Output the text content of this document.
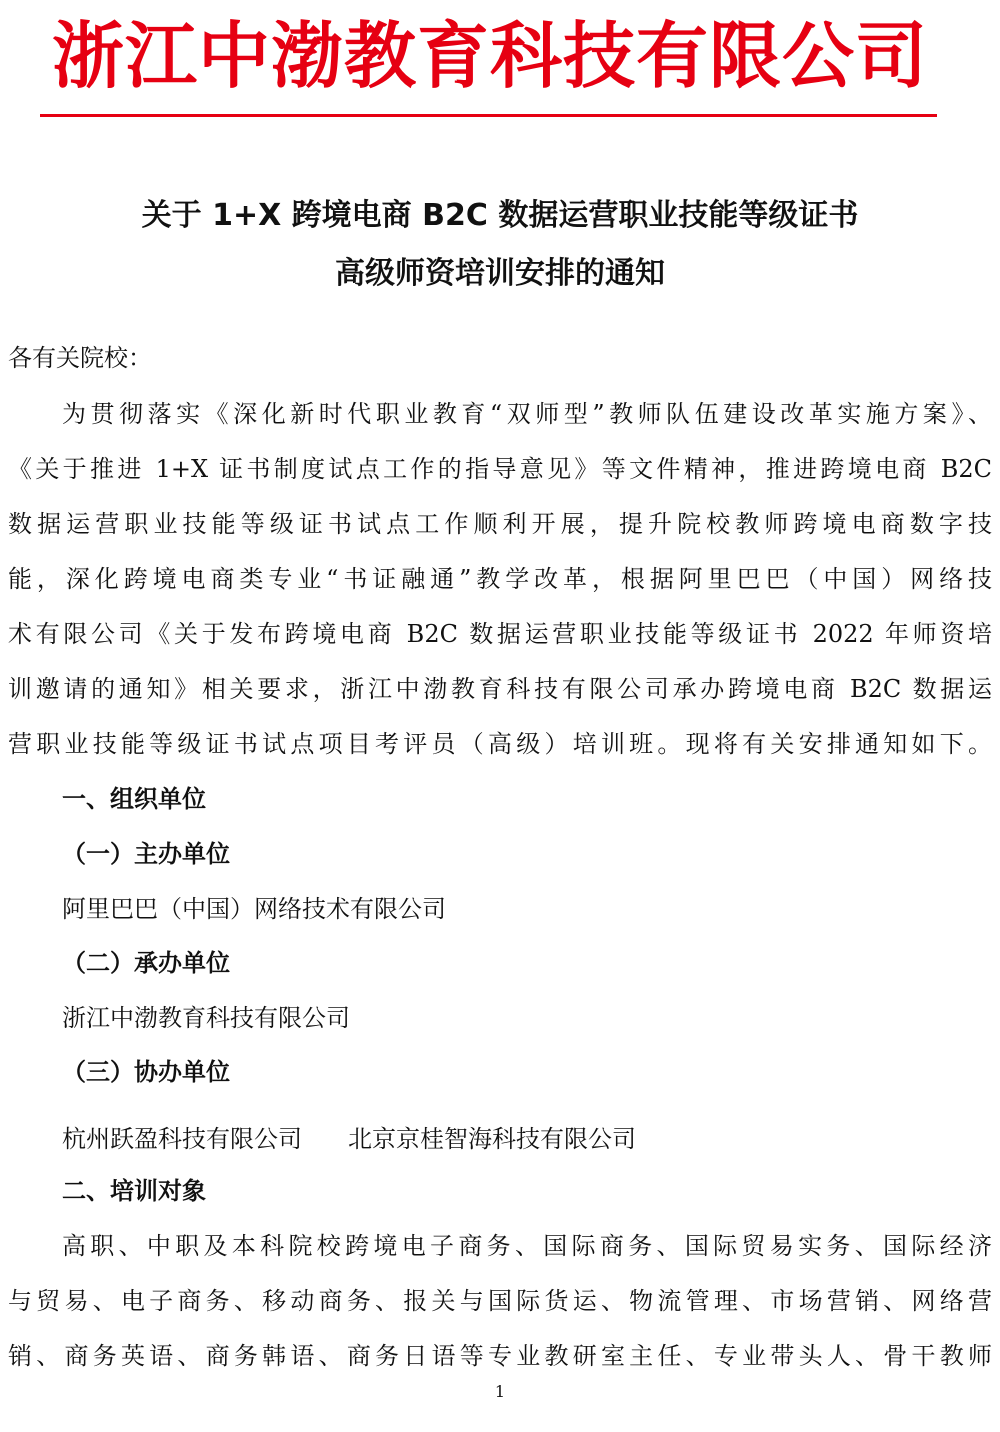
浙江中渤教育科技有限公司
关于 1+X 跨境电商 B2C 数据运营职业技能等级证书
高级师资培训安排的通知
各有关院校：
为贯彻落实《深化新时代职业教育“双师型”教师队伍建设改革实施方案》、
《关于推进 1+X 证书制度试点工作的指导意见》等文件精神，推进跨境电商 B2C
数据运营职业技能等级证书试点工作顺利开展，提升院校教师跨境电商数字技
能，深化跨境电商类专业“书证融通”教学改革，根据阿里巴巴（中国）网络技
术有限公司《关于发布跨境电商 B2C 数据运营职业技能等级证书 2022 年师资培
训邀请的通知》相关要求，浙江中渤教育科技有限公司承办跨境电商 B2C 数据运
营职业技能等级证书试点项目考评员（高级）培训班。现将有关安排通知如下。
一、组织单位
（一）主办单位
阿里巴巴（中国）网络技术有限公司
（二）承办单位
浙江中渤教育科技有限公司
（三）协办单位
杭州跃盈科技有限公司 北京京桂智海科技有限公司
二、培训对象
高职、中职及本科院校跨境电子商务、国际商务、国际贸易实务、国际经济
与贸易、电子商务、移动商务、报关与国际货运、物流管理、市场营销、网络营
销、商务英语、商务韩语、商务日语等专业教研室主任、专业带头人、骨干教师
1
